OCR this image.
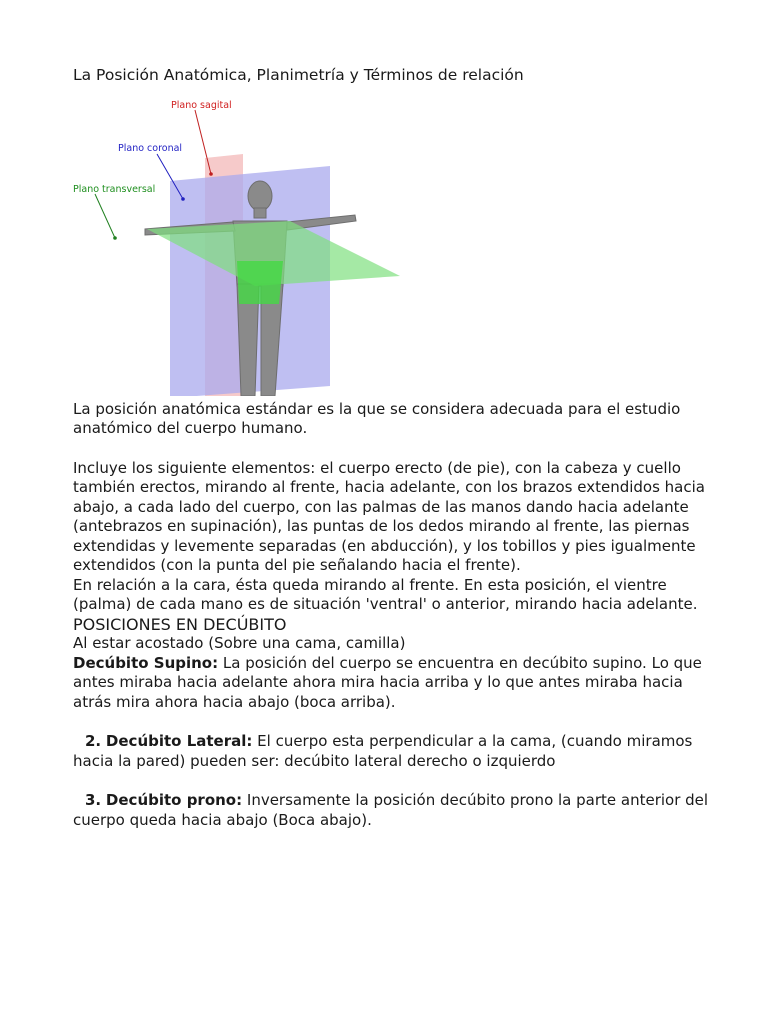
La Posición Anatómica, Planimetría y Términos de relación

Plano sagital
Plano coronal
Plano transversal

La posición anatómica estándar es la que se considera adecuada para el estudio anatómico del cuerpo humano.

Incluye los siguiente elementos: el cuerpo erecto (de pie), con la cabeza y cuello también erectos, mirando al frente, hacia adelante, con los brazos extendidos hacia abajo, a cada lado del cuerpo, con las palmas de las manos dando hacia adelante (antebrazos en supinación), las puntas de los dedos mirando al frente, las piernas extendidas y levemente separadas (en abducción), y los tobillos y pies igualmente extendidos (con la punta del pie señalando hacia el frente).

En relación a la cara, ésta queda mirando al frente. En esta posición, el vientre (palma) de cada mano es de situación 'ventral' o anterior, mirando hacia adelante.

POSICIONES EN DECÚBITO

Al estar acostado (Sobre una cama, camilla)

Decúbito Supino: La posición del cuerpo se encuentra en decúbito supino. Lo que antes miraba hacia adelante ahora mira hacia arriba y lo que antes miraba hacia atrás mira ahora hacia abajo (boca arriba).

2. Decúbito Lateral: El cuerpo esta perpendicular a la cama, (cuando miramos hacia la pared) pueden ser: decúbito lateral derecho o izquierdo

3. Decúbito prono: Inversamente la posición decúbito prono la parte anterior del cuerpo queda hacia abajo (Boca abajo).
